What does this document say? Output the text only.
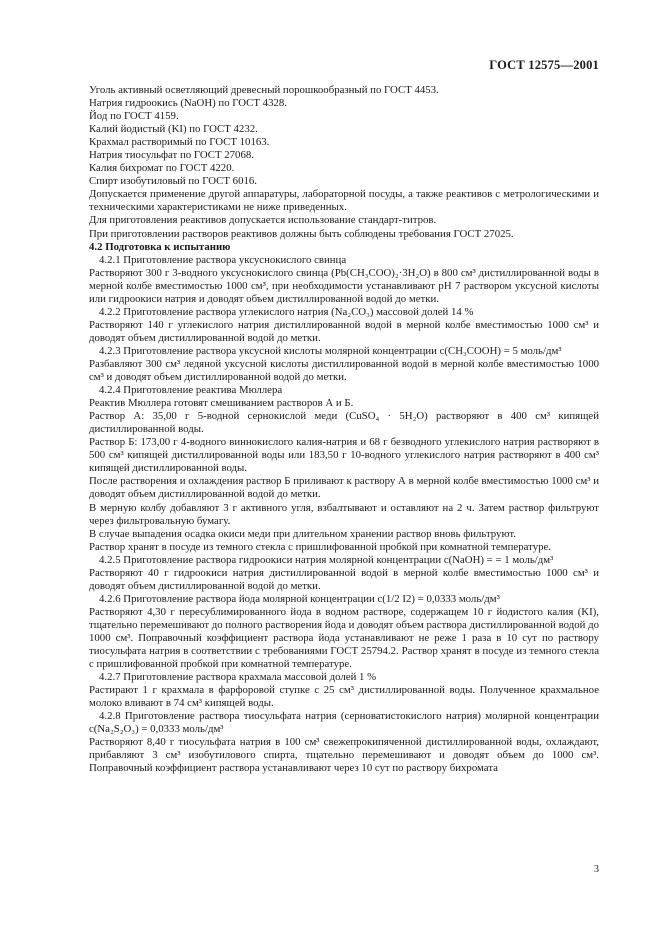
ГОСТ 12575—2001

Уголь активный осветляющий древесный порошкообразный по ГОСТ 4453.

Натрия гидроокись (NaOH) по ГОСТ 4328.

Йод по ГОСТ 4159.

Калий йодистый (KI) по ГОСТ 4232.

Крахмал растворимый по ГОСТ 10163.

Натрия тиосульфат по ГОСТ 27068.

Калия бихромат по ГОСТ 4220.

Спирт изобутиловый по ГОСТ 6016.

Допускается применение другой аппаратуры, лабораторной посуды, а также реактивов с метрологическими и техническими характеристиками не ниже приведенных.

Для приготовления реактивов допускается использование стандарт-титров.

При приготовлении растворов реактивов должны быть соблюдены требования ГОСТ 27025.

4.2 Подготовка к испытанию

4.2.1 Приготовление раствора уксуснокислого свинца

Растворяют 300 г 3-водного уксуснокислого свинца (Pb(CH₃COO)₂·3H₂O) в 800 см³ дистиллированной воды в мерной колбе вместимостью 1000 см³, при необходимости устанавливают рН 7 раствором уксусной кислоты или гидроокиси натрия и доводят объем дистиллированной водой до метки.

4.2.2 Приготовление раствора углекислого натрия (Na₂CO₃) массовой долей 14 %

Растворяют 140 г углекислого натрия дистиллированной водой в мерной колбе вместимостью 1000 см³ и доводят объем дистиллированной водой до метки.

4.2.3 Приготовление раствора уксусной кислоты молярной концентрации c(CH₃COOH) = 5 моль/дм³

Разбавляют 300 см³ ледяной уксусной кислоты дистиллированной водой в мерной колбе вместимостью 1000 см³ и доводят объем дистиллированной водой до метки.

4.2.4 Приготовление реактива Мюллера

Реактив Мюллера готовят смешиванием растворов А и Б.

Раствор А: 35,00 г 5-водной сернокислой меди (CuSO₄ · 5H₂O) растворяют в 400 см³ кипящей дистиллированной воды.

Раствор Б: 173,00 г 4-водного виннокислого калия-натрия и 68 г безводного углекислого натрия растворяют в 500 см³ кипящей дистиллированной воды или 183,50 г 10-водного углекислого натрия растворяют в 400 см³ кипящей дистиллированной воды.

После растворения и охлаждения раствор Б приливают к раствору А в мерной колбе вместимостью 1000 см³ и доводят объем дистиллированной водой до метки.

В мерную колбу добавляют 3 г активного угля, взбалтывают и оставляют на 2 ч. Затем раствор фильтруют через фильтровальную бумагу.

В случае выпадения осадка окиси меди при длительном хранении раствор вновь фильтруют.

Раствор хранят в посуде из темного стекла с пришлифованной пробкой при комнатной температуре.

4.2.5 Приготовление раствора гидроокиси натрия молярной концентрации c(NaOH) = = 1 моль/дм³

Растворяют 40 г гидроокиси натрия дистиллированной водой в мерной колбе вместимостью 1000 см³ и доводят объем дистиллированной водой до метки.

4.2.6 Приготовление раствора йода молярной концентрации c(1/2 I2) = 0,0333 моль/дм³

Растворяют 4,30 г пересублимированного йода в водном растворе, содержащем 10 г йодистого калия (KI), тщательно перемешивают до полного растворения йода и доводят объем раствора дистиллированной водой до 1000 см³. Поправочный коэффициент раствора йода устанавливают не реже 1 раза в 10 сут по раствору тиосульфата натрия в соответствии с требованиями ГОСТ 25794.2. Раствор хранят в посуде из темного стекла с пришлифованной пробкой при комнатной температуре.

4.2.7 Приготовление раствора крахмала массовой долей 1 %

Растирают 1 г крахмала в фарфоровой ступке с 25 см³ дистиллированной воды. Полученное крахмальное молоко вливают в 74 см³ кипящей воды.

4.2.8 Приготовление раствора тиосульфата натрия (серноватистокислого натрия) молярной концентрации c(Na₂S₂O₃) = 0,0333 моль/дм³

Растворяют 8,40 г тиосульфата натрия в 100 см³ свежепрокипяченной дистиллированной воды, охлаждают, прибавляют 3 см³ изобутилового спирта, тщательно перемешивают и доводят объем до 1000 см³. Поправочный коэффициент раствора устанавливают через 10 сут по раствору бихромата

3
